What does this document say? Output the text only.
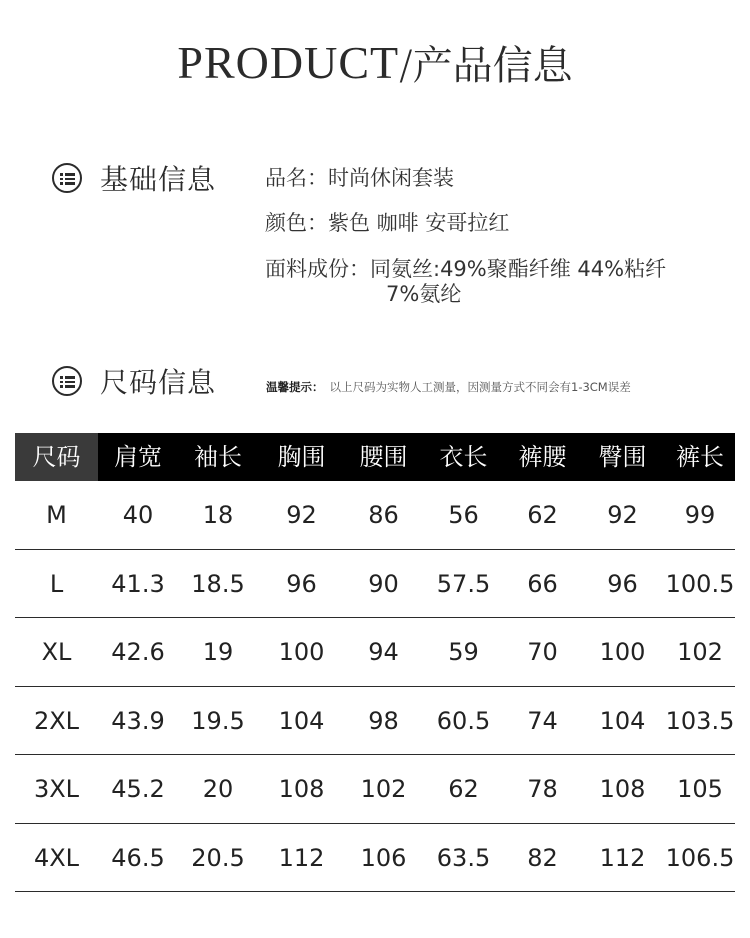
PRODUCT/产品信息
基础信息 品名：时尚休闲套装
颜色：紫色 咖啡 安哥拉红
面料成份：同氨丝:49%聚酯纤维 44%粘纤
7%氨纶
尺码信息	温馨提示： 以上尺码为实物人工测量，因测量方式不同会有1-3CM误差
尺码	肩宽	袖长	胸围	腰围	衣长	裤腰	臀围	裤长
M	40	18	92	86	56	62	92	99
L	41.3	18.5	96	90	57.5	66	96	100.5
XL	42.6	19	100	94	59	70	100	102
2XL	43.9	19.5	104	98	60.5	74	104 103.5
3XL	45.2	20	108	102	62	78	108	105
4XL	46.5	20.5	112	106	63.5	82	112 106.5
